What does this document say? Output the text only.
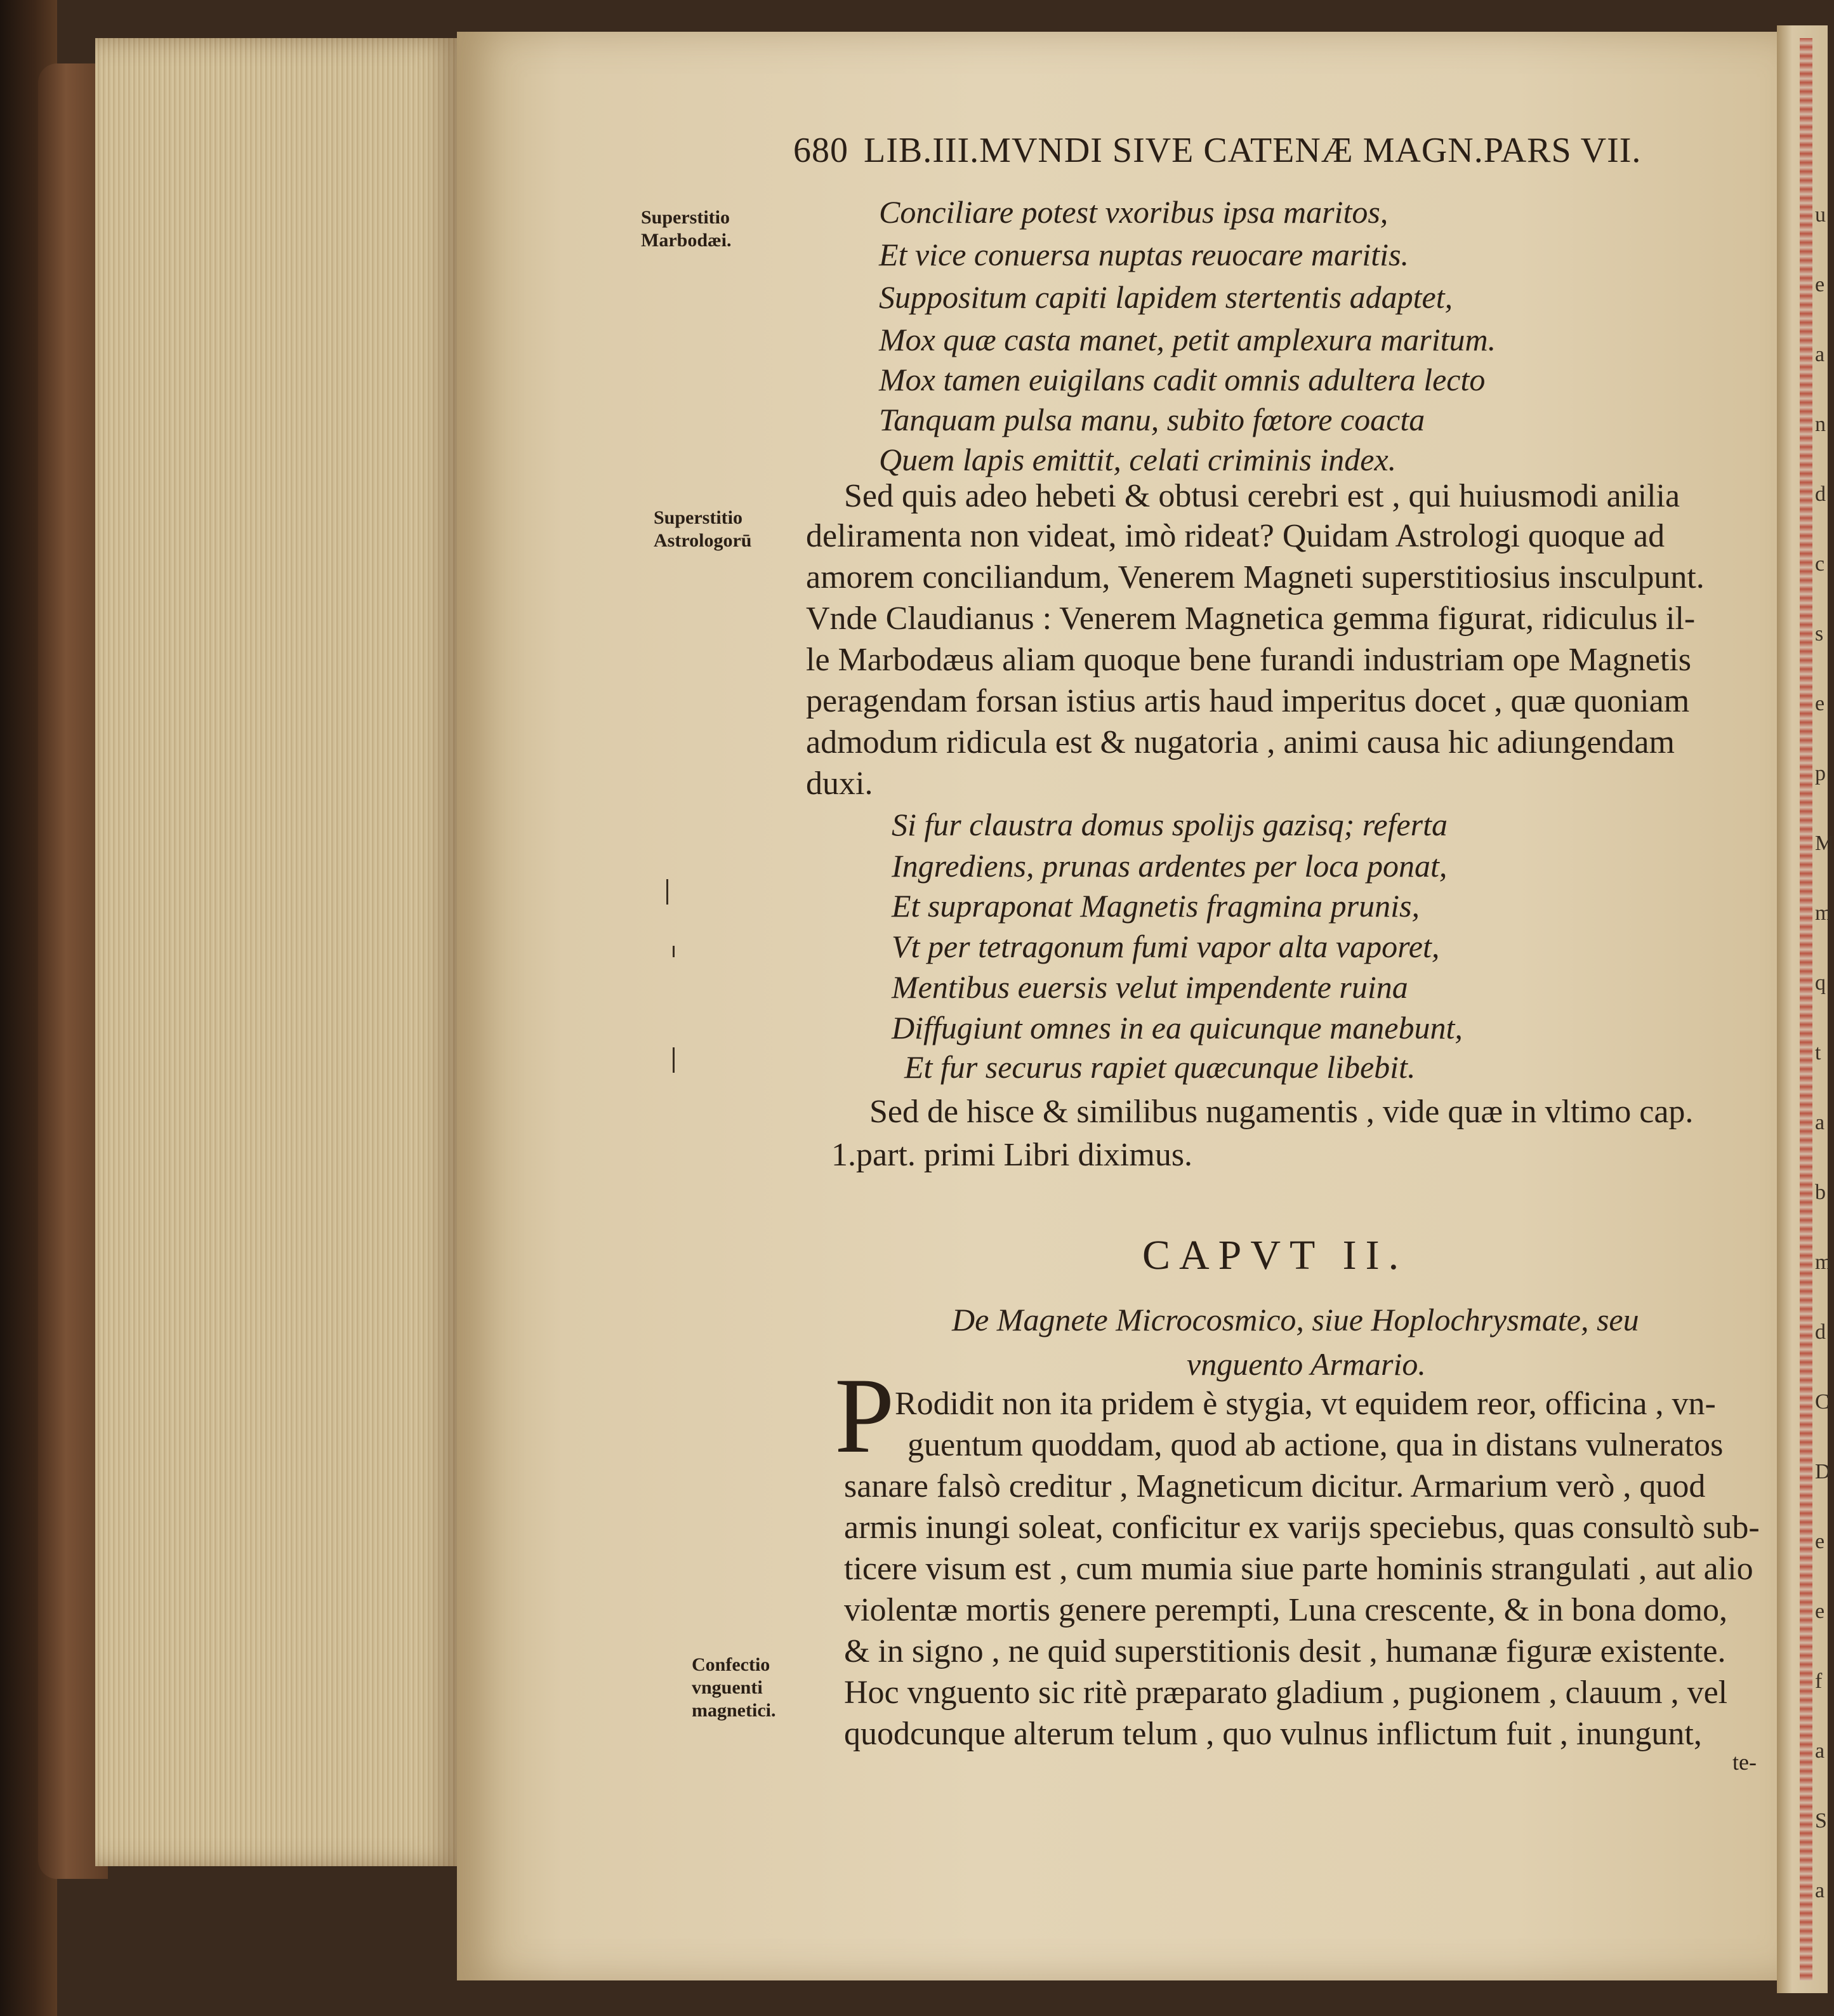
680 LIB.III.MVNDI SIVE CATENÆ MAGN.PARS VII.
Superstitio
Marbodæi.
Superstitio
Astrologorū
Confectio
vnguenti
magnetici.
Conciliare potest vxoribus ipsa maritos,
Et vice conuersa nuptas reuocare maritis.
Suppositum capiti lapidem stertentis adaptet,
Mox quæ casta manet, petit amplexura maritum.
Mox tamen euigilans cadit omnis adultera lecto
Tanquam pulsa manu, subito fœtore coacta
Quem lapis emittit, celati criminis index.
Sed quis adeo hebeti & obtusi cerebri est , qui huiusmodi anilia
deliramenta non videat, imò rideat? Quidam Astrologi quoque ad
amorem conciliandum, Venerem Magneti superstitiosius insculpunt.
Vnde Claudianus : Venerem Magnetica gemma figurat, ridiculus il-
le Marbodæus aliam quoque bene furandi industriam ope Magnetis
peragendam forsan istius artis haud imperitus docet , quæ quoniam
admodum ridicula est & nugatoria , animi causa hic adiungendam
duxi.
Si fur claustra domus spolijs gazisq; referta
Ingrediens, prunas ardentes per loca ponat,
Et supraponat Magnetis fragmina prunis,
Vt per tetragonum fumi vapor alta vaporet,
Mentibus euersis velut impendente ruina
Diffugiunt omnes in ea quicunque manebunt,
Et fur securus rapiet quæcunque libebit.
Sed de hisce & similibus nugamentis , vide quæ in vltimo cap.
1.part. primi Libri diximus.
CAPVT II.
De Magnete Microcosmico, siue Hoplochrysmate, seu
vnguento Armario.
P Rodidit non ita pridem è stygia, vt equidem reor, officina , vn-
guentum quoddam, quod ab actione, qua in distans vulneratos
sanare falsò creditur , Magneticum dicitur. Armarium verò , quod
armis inungi soleat, conficitur ex varijs speciebus, quas consultò sub-
ticere visum est , cum mumia siue parte hominis strangulati , aut alio
violentæ mortis genere perempti, Luna crescente, & in bona domo,
& in signo , ne quid superstitionis desit , humanæ figuræ existente.
Hoc vnguento sic ritè præparato gladium , pugionem , clauum , vel
quodcunque alterum telum , quo vulnus inflictum fuit , inungunt,
te-
u
e
a
n
d
c
s
e
p
M
m
q
t
a
b
m
d
C
D
e
e
f
a
S
a
